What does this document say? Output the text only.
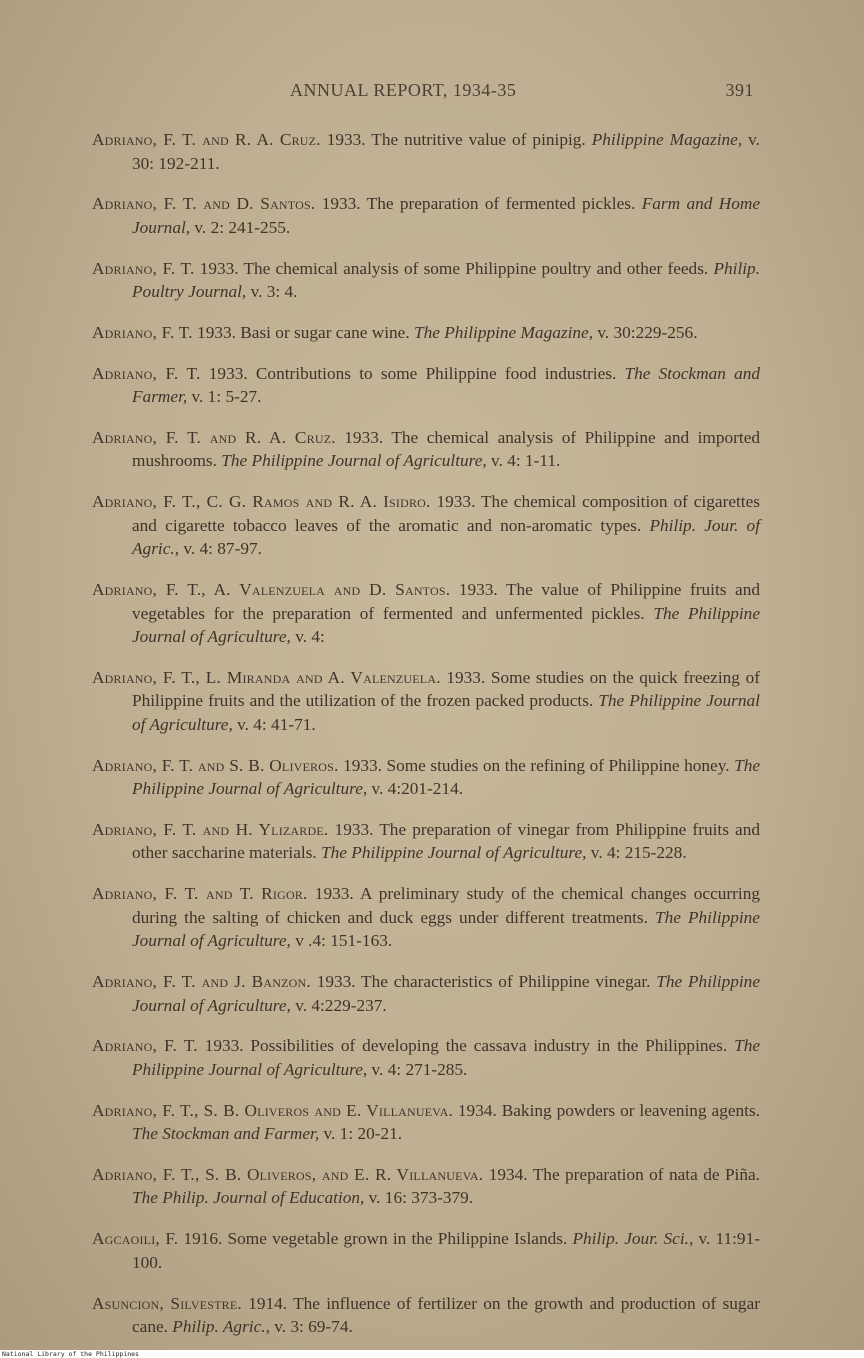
ANNUAL REPORT, 1934-35	391

Adriano, F. T. and R. A. Cruz. 1933. The nutritive value of pinipig. Philippine Magazine, v. 30: 192-211.

Adriano, F. T. and D. Santos. 1933. The preparation of fermented pickles. Farm and Home Journal, v. 2: 241-255.

Adriano, F. T. 1933. The chemical analysis of some Philippine poultry and other feeds. Philip. Poultry Journal, v. 3: 4.

Adriano, F. T. 1933. Basi or sugar cane wine. The Philippine Magazine, v. 30:229-256.

Adriano, F. T. 1933. Contributions to some Philippine food industries. The Stockman and Farmer, v. 1: 5-27.

Adriano, F. T. and R. A. Cruz. 1933. The chemical analysis of Philippine and imported mushrooms. The Philippine Journal of Agriculture, v. 4: 1-11.

Adriano, F. T., C. G. Ramos and R. A. Isidro. 1933. The chemical composition of cigarettes and cigarette tobacco leaves of the aromatic and non-aromatic types. Philip. Jour. of Agric., v. 4: 87-97.

Adriano, F. T., A. Valenzuela and D. Santos. 1933. The value of Philippine fruits and vegetables for the preparation of fermented and unfermented pickles. The Philippine Journal of Agriculture, v. 4:

Adriano, F. T., L. Miranda and A. Valenzuela. 1933. Some studies on the quick freezing of Philippine fruits and the utilization of the frozen packed products. The Philippine Journal of Agriculture, v. 4: 41-71.

Adriano, F. T. and S. B. Oliveros. 1933. Some studies on the refining of Philippine honey. The Philippine Journal of Agriculture, v. 4:201-214.

Adriano, F. T. and H. Ylizarde. 1933. The preparation of vinegar from Philippine fruits and other saccharine materials. The Philippine Journal of Agriculture, v. 4: 215-228.

Adriano, F. T. and T. Rigor. 1933. A preliminary study of the chemical changes occurring during the salting of chicken and duck eggs under different treatments. The Philippine Journal of Agriculture, v .4: 151-163.

Adriano, F. T. and J. Banzon. 1933. The characteristics of Philippine vinegar. The Philippine Journal of Agriculture, v. 4:229-237.

Adriano, F. T. 1933. Possibilities of developing the cassava industry in the Philippines. The Philippine Journal of Agriculture, v. 4: 271-285.

Adriano, F. T., S. B. Oliveros and E. Villanueva. 1934. Baking powders or leavening agents. The Stockman and Farmer, v. 1: 20-21.

Adriano, F. T., S. B. Oliveros, and E. R. Villanueva. 1934. The preparation of nata de Piña. The Philip. Journal of Education, v. 16: 373-379.

Agcaoili, F. 1916. Some vegetable grown in the Philippine Islands. Philip. Jour. Sci., v. 11:91-100.

Asuncion, Silvestre. 1914. The influence of fertilizer on the growth and production of sugar cane. Philip. Agric., v. 3: 69-74.

National Library of the Philippines
